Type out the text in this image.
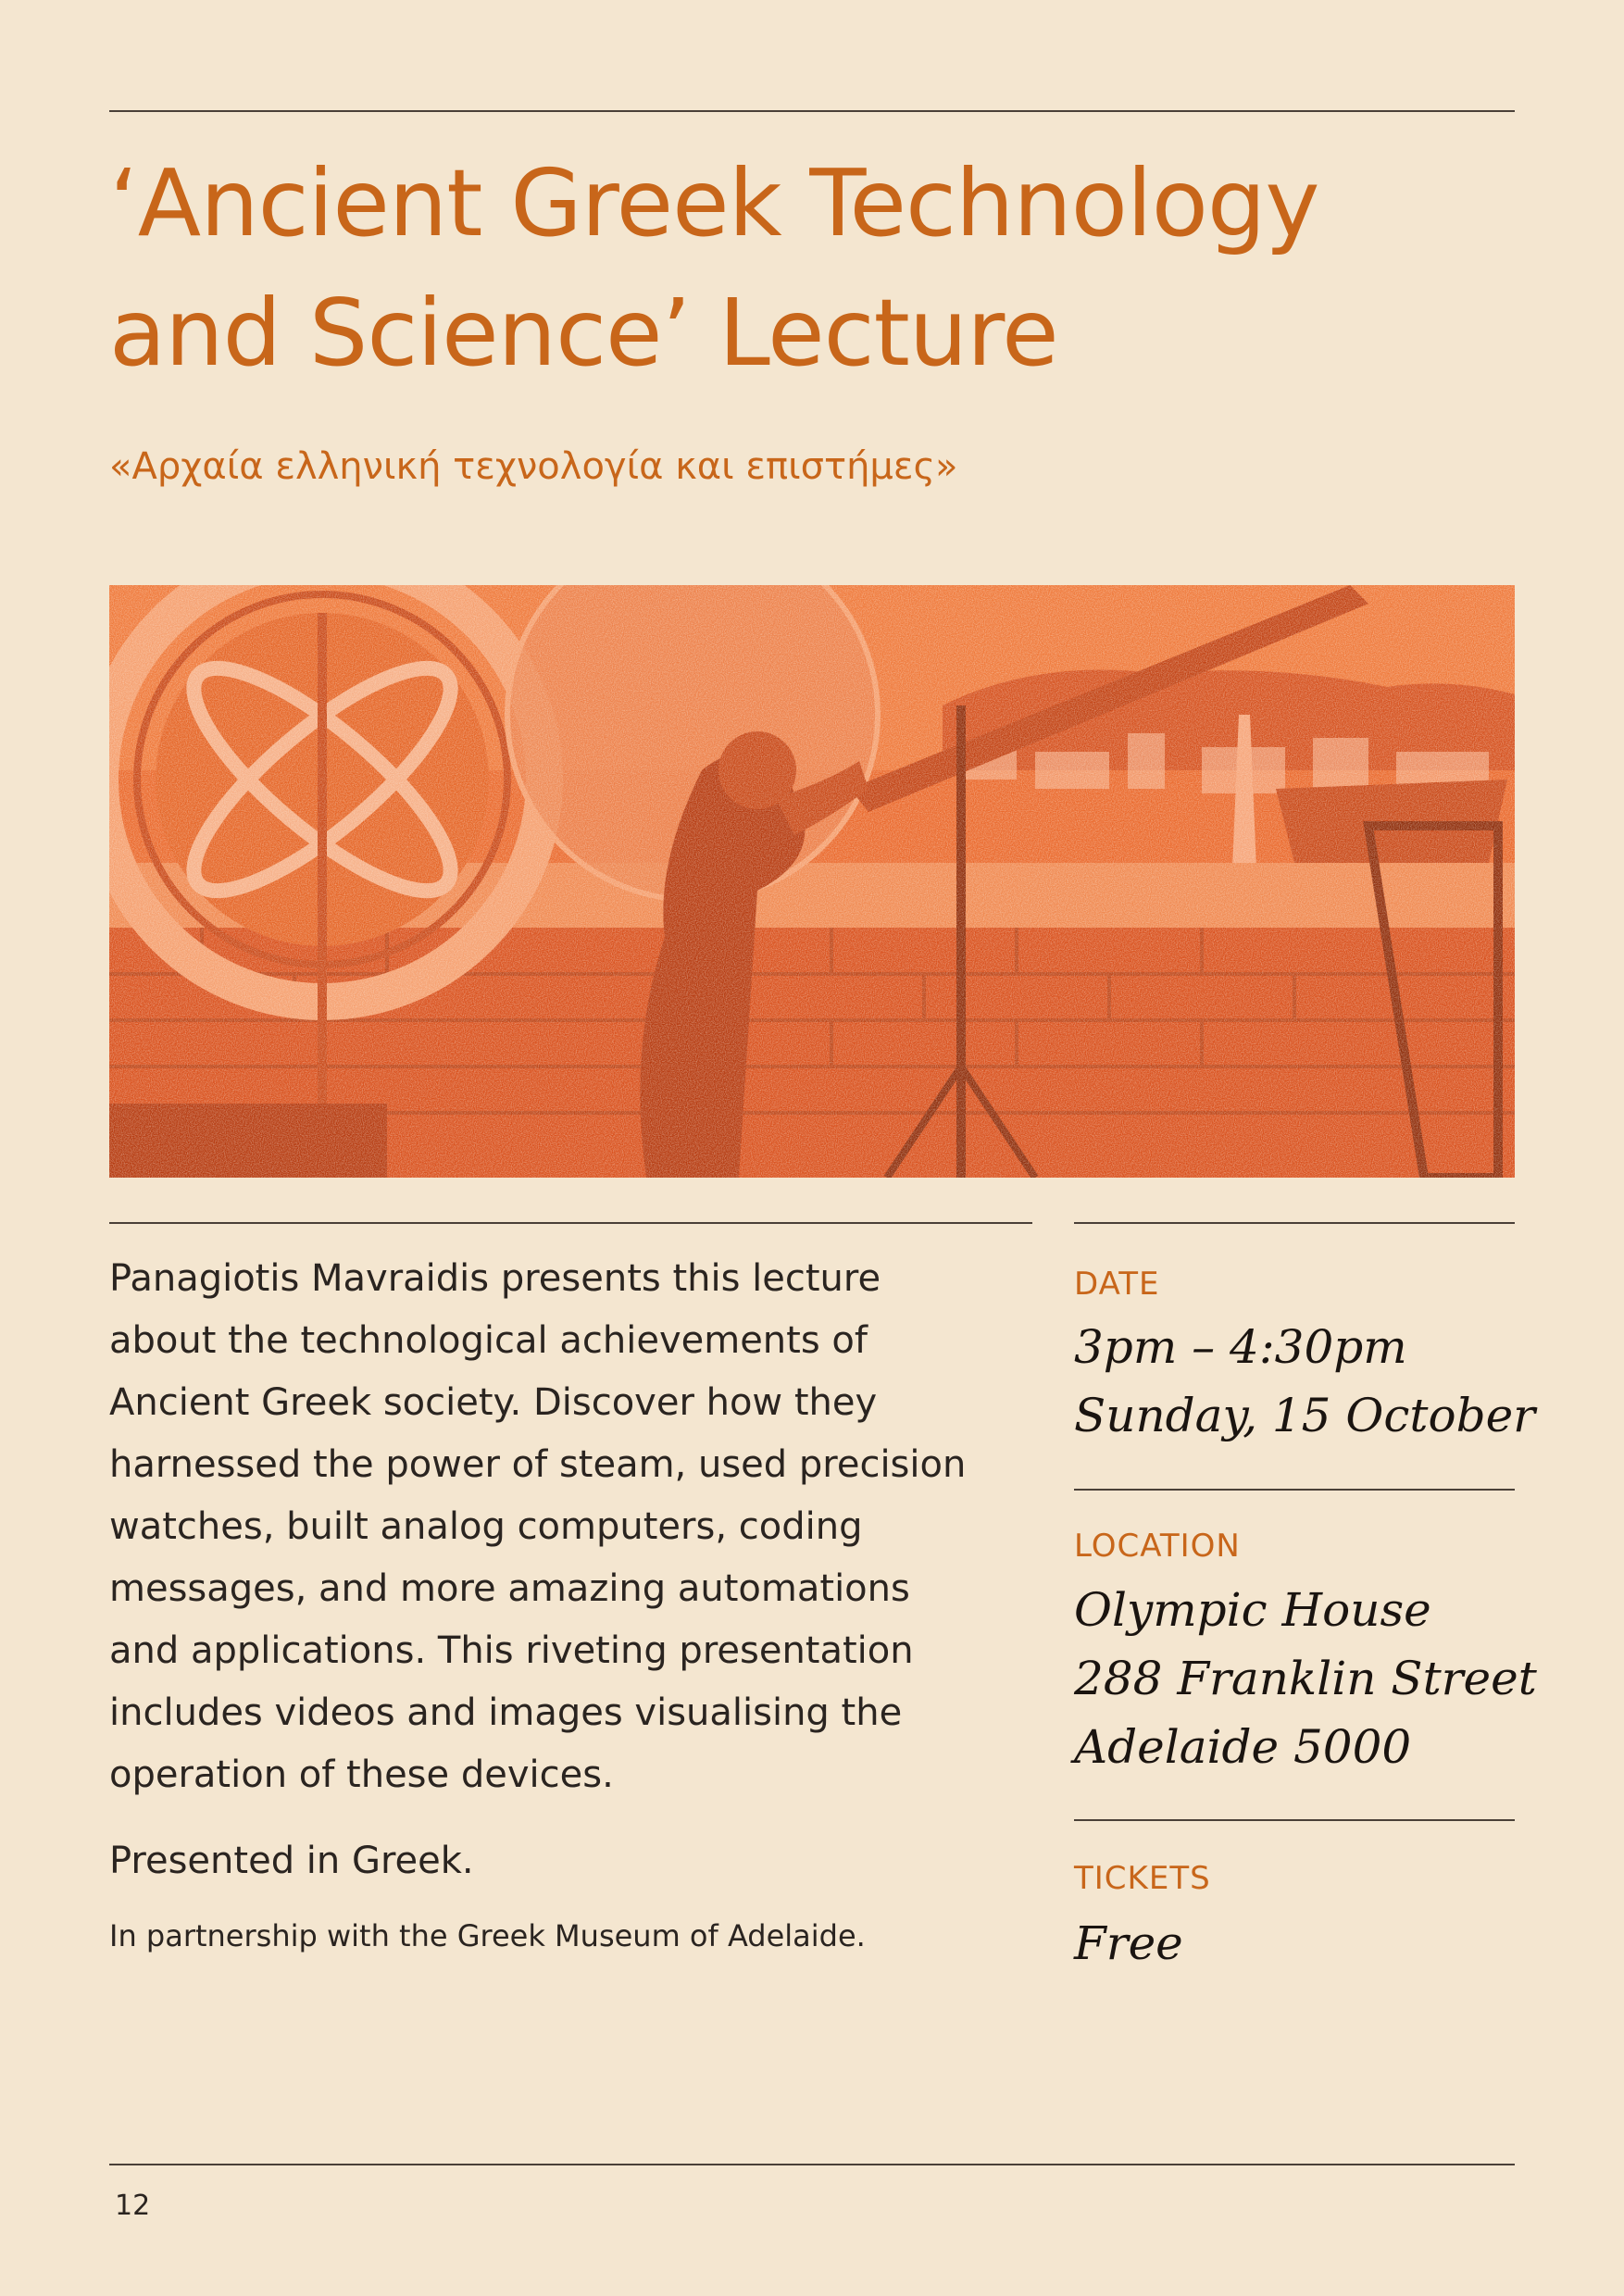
‘Ancient Greek Technology
and Science’ Lecture
«Αρχαία ελληνική τεχνολογία και επιστήμες»

Panagiotis Mavraidis presents this lecture

about the technological achievements of

Ancient Greek society. Discover how they

harnessed the power of steam, used precision

watches, built analog computers, coding

messages, and more amazing automations

and applications. This riveting presentation

includes videos and images visualising the

operation of these devices.

Presented in Greek.
In partnership with the Greek Museum of Adelaide.
DATE
3pm – 4:30pm
Sunday, 15 October
LOCATION
Olympic House
288 Franklin Street
Adelaide 5000
TICKETS
Free
12
